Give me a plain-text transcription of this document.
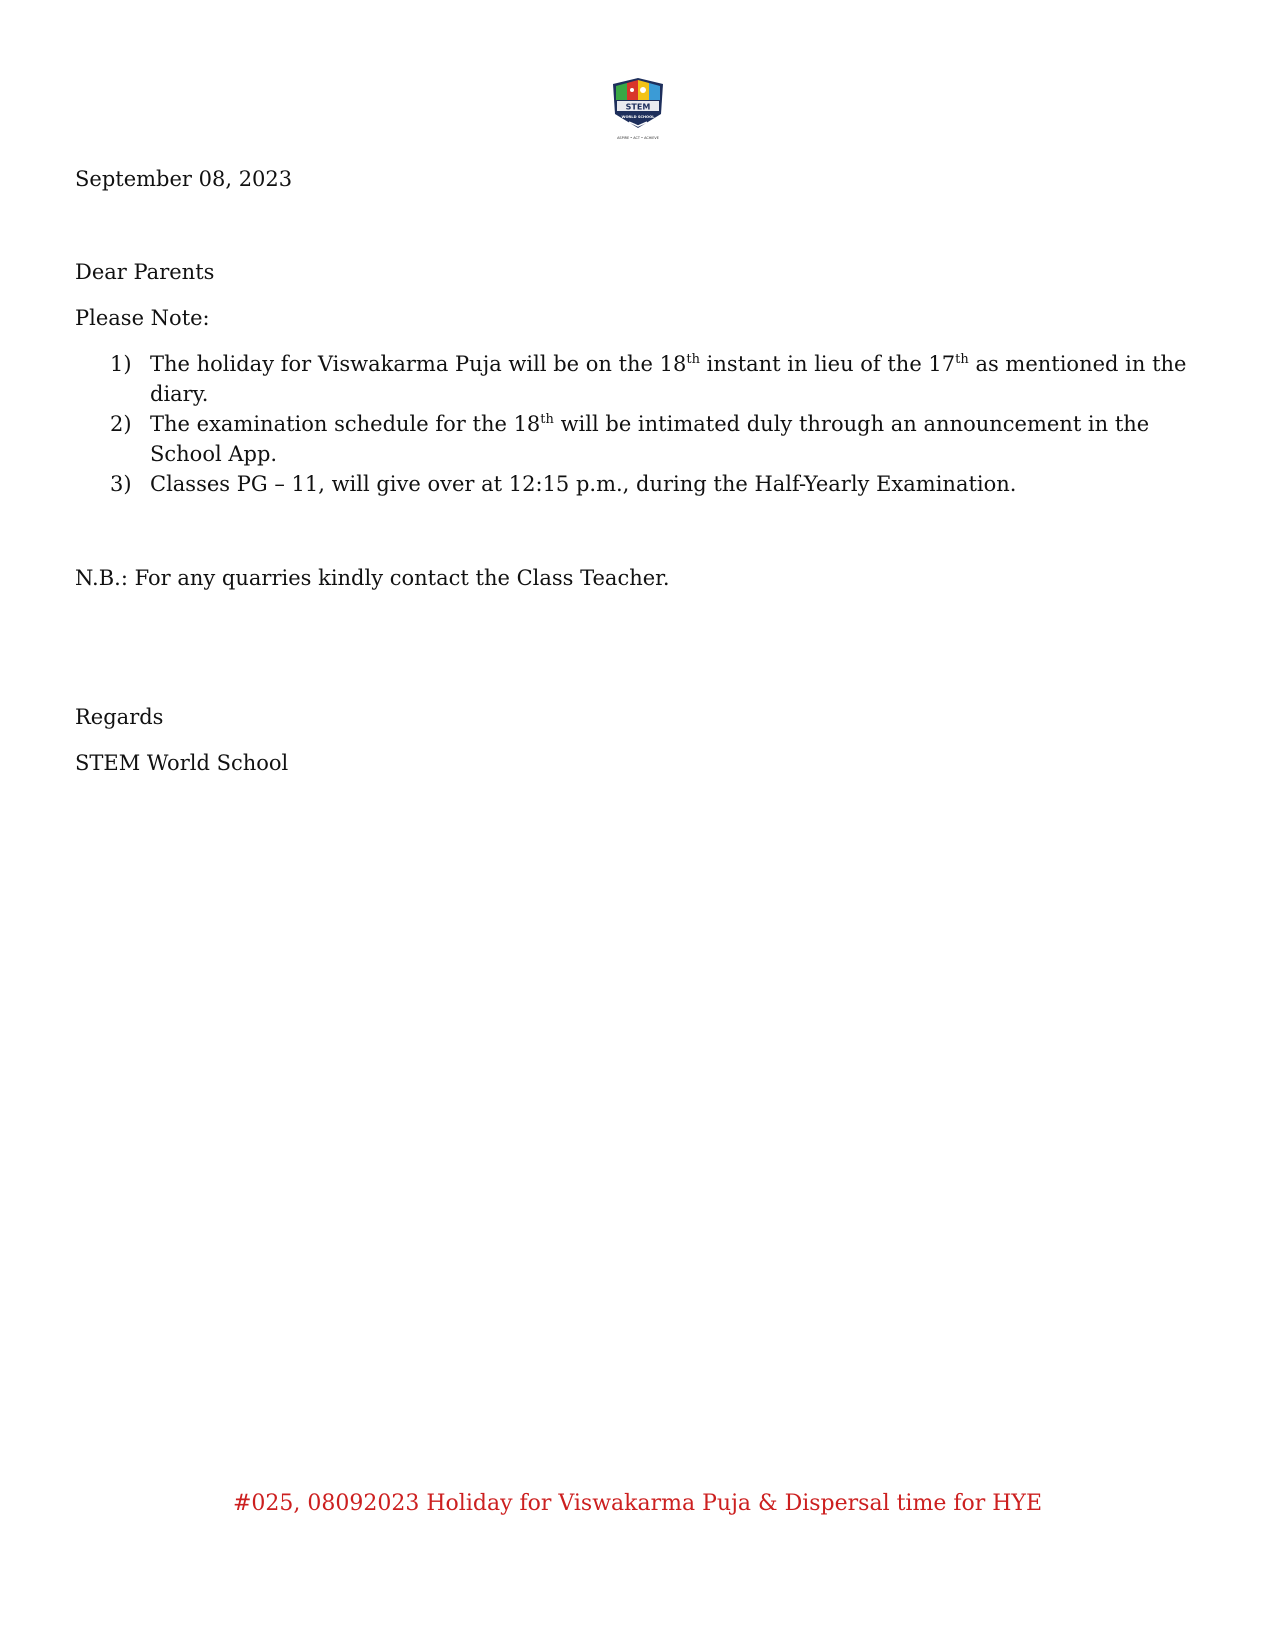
STEM
WORLD SCHOOL
ASPIRE • ACT • ACHIEVE
September 08, 2023
Dear Parents
Please Note:
1) The holiday for Viswakarma Puja will be on the 18th instant in lieu of the 17th as mentioned in the diary.
2) The examination schedule for the 18th will be intimated duly through an announcement in the School App.
3) Classes PG – 11, will give over at 12:15 p.m., during the Half-Yearly Examination.
N.B.: For any quarries kindly contact the Class Teacher.
Regards
STEM World School
#025, 08092023 Holiday for Viswakarma Puja & Dispersal time for HYE
